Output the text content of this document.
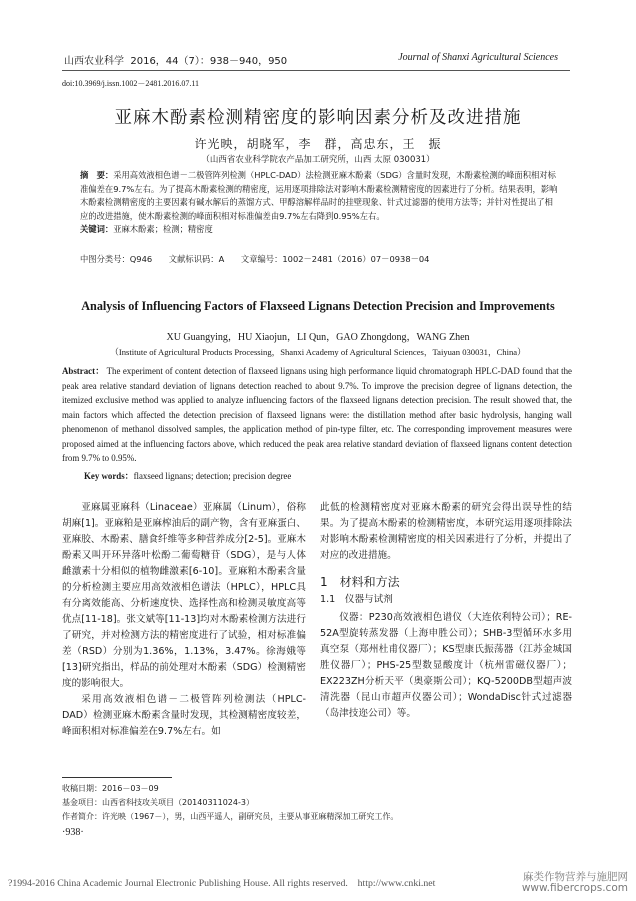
山西农业科学 2016，44（7）：938－940，950	Journal of Shanxi Agricultural Sciences
doi:10.3969/j.issn.1002－2481.2016.07.11
亚麻木酚素检测精密度的影响因素分析及改进措施
许光映，胡晓军，李　群，高忠东，王　振
（山西省农业科学院农产品加工研究所，山西 太原 030031）
摘　要：采用高效液相色谱－二极管阵列检测（HPLC-DAD）法检测亚麻木酚素（SDG）含量时发现，木酚素检测的峰面积相对标准偏差在9.7%左右。为了提高木酚素检测的精密度，运用逐项排除法对影响木酚素检测精密度的因素进行了分析。结果表明，影响木酚素检测精密度的主要因素有碱水解后的蒸馏方式、甲醇溶解样品时的挂壁现象、针式过滤器的使用方法等；并针对性提出了相应的改进措施，使木酚素检测的峰面积相对标准偏差由9.7%左右降到0.95%左右。
关键词：亚麻木酚素；检测；精密度
中图分类号：Q946 文献标识码：A 文章编号：1002－2481（2016）07－0938－04
Analysis of Influencing Factors of Flaxseed Lignans Detection Precision and Improvements
XU Guangying，HU Xiaojun，LI Qun，GAO Zhongdong，WANG Zhen
（Institute of Agricultural Products Processing，Shanxi Academy of Agricultural Sciences，Taiyuan 030031，China）
Abstract： The experiment of content detection of flaxseed lignans using high performance liquid chromatograph HPLC-DAD found that the peak area relative standard deviation of lignans detection reached to about 9.7%. To improve the precision degree of lignans detection, the itemized exclusive method was applied to analyze influencing factors of the flaxseed lignans detection precision. The result showed that, the main factors which affected the detection precision of flaxseed lignans were: the distillation method after basic hydrolysis, hanging wall phenomenon of methanol dissolved samples, the application method of pin-type filter, etc. The corresponding improvement measures were proposed aimed at the influencing factors above, which reduced the peak area relative standard deviation of flaxseed lignans content detection from 9.7% to 0.95%.
Key words：flaxseed lignans; detection; precision degree

亚麻属亚麻科（Linaceae）亚麻属（Linum），俗称胡麻[1]。亚麻粕是亚麻榨油后的副产物，含有亚麻蛋白、亚麻胶、木酚素、膳食纤维等多种营养成分[2-5]。亚麻木酚素又叫开环异落叶松酚二葡萄糖苷（SDG），是与人体雌激素十分相似的植物雌激素[6-10]。亚麻粕木酚素含量的分析检测主要应用高效液相色谱法（HPLC），HPLC具有分离效能高、分析速度快、选择性高和检测灵敏度高等优点[11-18]。张文斌等[11-13]均对木酚素检测方法进行了研究，并对检测方法的精密度进行了试验，相对标准偏差（RSD）分别为1.36%，1.13%，3.47%。徐海娥等[13]研究指出，样品的前处理对木酚素（SDG）检测精密度的影响很大。

采用高效液相色谱－二极管阵列检测法（HPLC-DAD）检测亚麻木酚素含量时发现，其检测精密度较差，峰面积相对标准偏差在9.7%左右。如

此低的检测精密度对亚麻木酚素的研究会得出误导性的结果。为了提高木酚素的检测精密度，本研究运用逐项排除法对影响木酚素检测精密度的相关因素进行了分析，并提出了对应的改进措施。

1　材料和方法

1.1　仪器与试剂

仪器：P230高效液相色谱仪（大连依利特公司）；RE-52A型旋转蒸发器（上海申胜公司）；SHB-3型循环水多用真空泵（郑州杜甫仪器厂）；KS型康氏振荡器（江苏金城国胜仪器厂）；PHS-25型数显酸度计（杭州雷磁仪器厂）；EX223ZH分析天平（奥豪斯公司）；KQ-5200DB型超声波清洗器（昆山市超声仪器公司）；WondaDisc针式过滤器（岛津技迩公司）等。

收稿日期：2016－03－09
基金项目：山西省科技攻关项目（20140311024-3）
作者简介：许光映（1967－），男，山西平遥人，副研究员，主要从事亚麻精深加工研究工作。
·938·
?1994-2016 China Academic Journal Electronic Publishing House. All rights reserved.　http://www.cnki.net
麻类作物营养与施肥网
www.fibercrops.com
